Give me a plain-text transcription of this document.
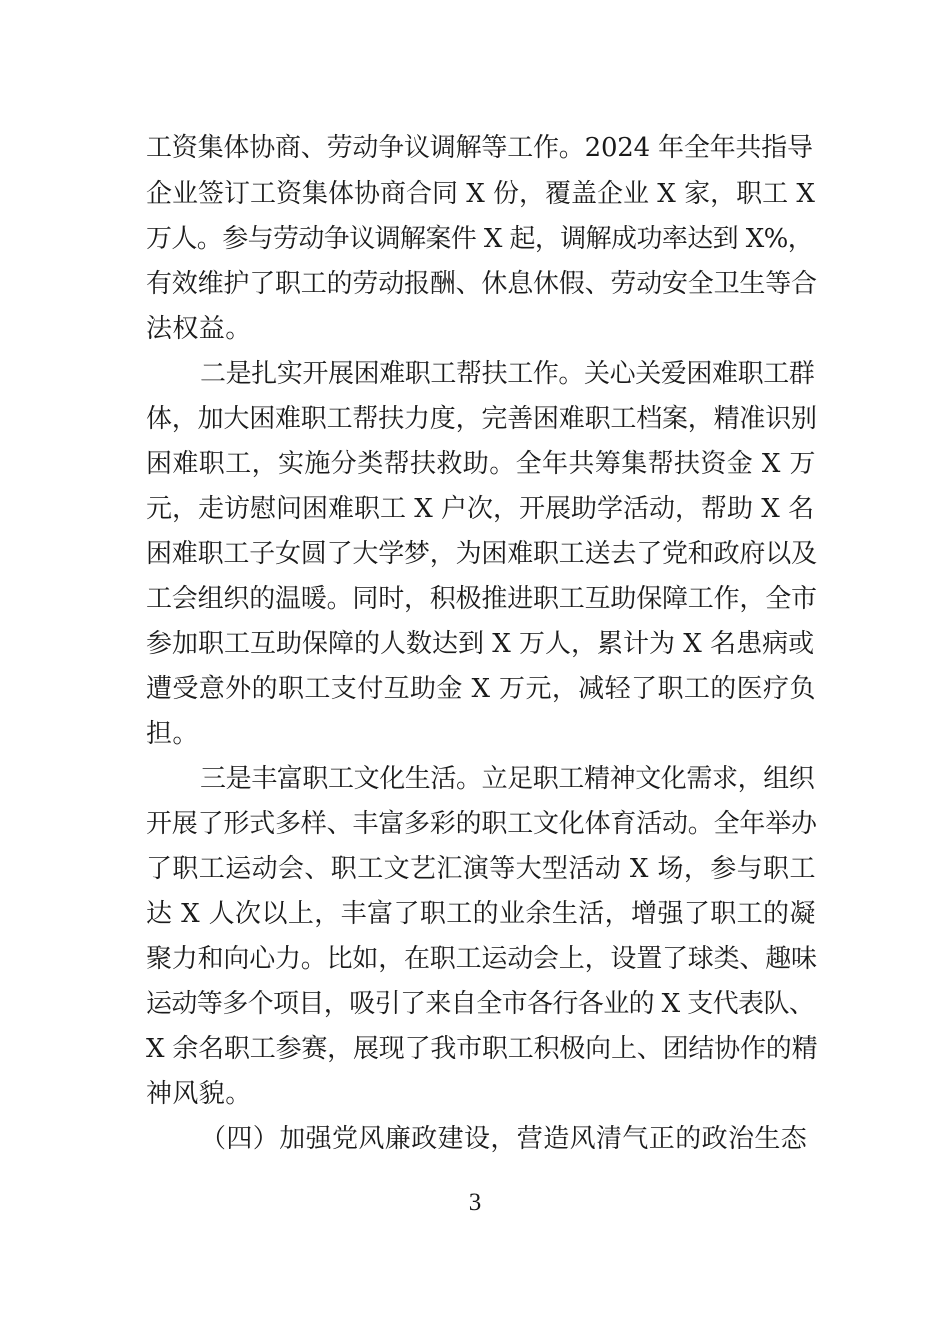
工资集体协商、劳动争议调解等工作。2024 年全年共指导
企业签订工资集体协商合同 X 份，覆盖企业 X 家，职工 X
万人。参与劳动争议调解案件 X 起，调解成功率达到 X%，
有效维护了职工的劳动报酬、休息休假、劳动安全卫生等合
法权益。
二是扎实开展困难职工帮扶工作。关心关爱困难职工群
体，加大困难职工帮扶力度，完善困难职工档案，精准识别
困难职工，实施分类帮扶救助。全年共筹集帮扶资金 X 万
元，走访慰问困难职工 X 户次，开展助学活动，帮助 X 名
困难职工子女圆了大学梦，为困难职工送去了党和政府以及
工会组织的温暖。同时，积极推进职工互助保障工作，全市
参加职工互助保障的人数达到 X 万人，累计为 X 名患病或
遭受意外的职工支付互助金 X 万元，减轻了职工的医疗负
担。
三是丰富职工文化生活。立足职工精神文化需求，组织
开展了形式多样、丰富多彩的职工文化体育活动。全年举办
了职工运动会、职工文艺汇演等大型活动 X 场，参与职工
达 X 人次以上，丰富了职工的业余生活，增强了职工的凝
聚力和向心力。比如，在职工运动会上，设置了球类、趣味
运动等多个项目，吸引了来自全市各行各业的 X 支代表队、
X 余名职工参赛，展现了我市职工积极向上、团结协作的精
神风貌。
（四）加强党风廉政建设，营造风清气正的政治生态
3
